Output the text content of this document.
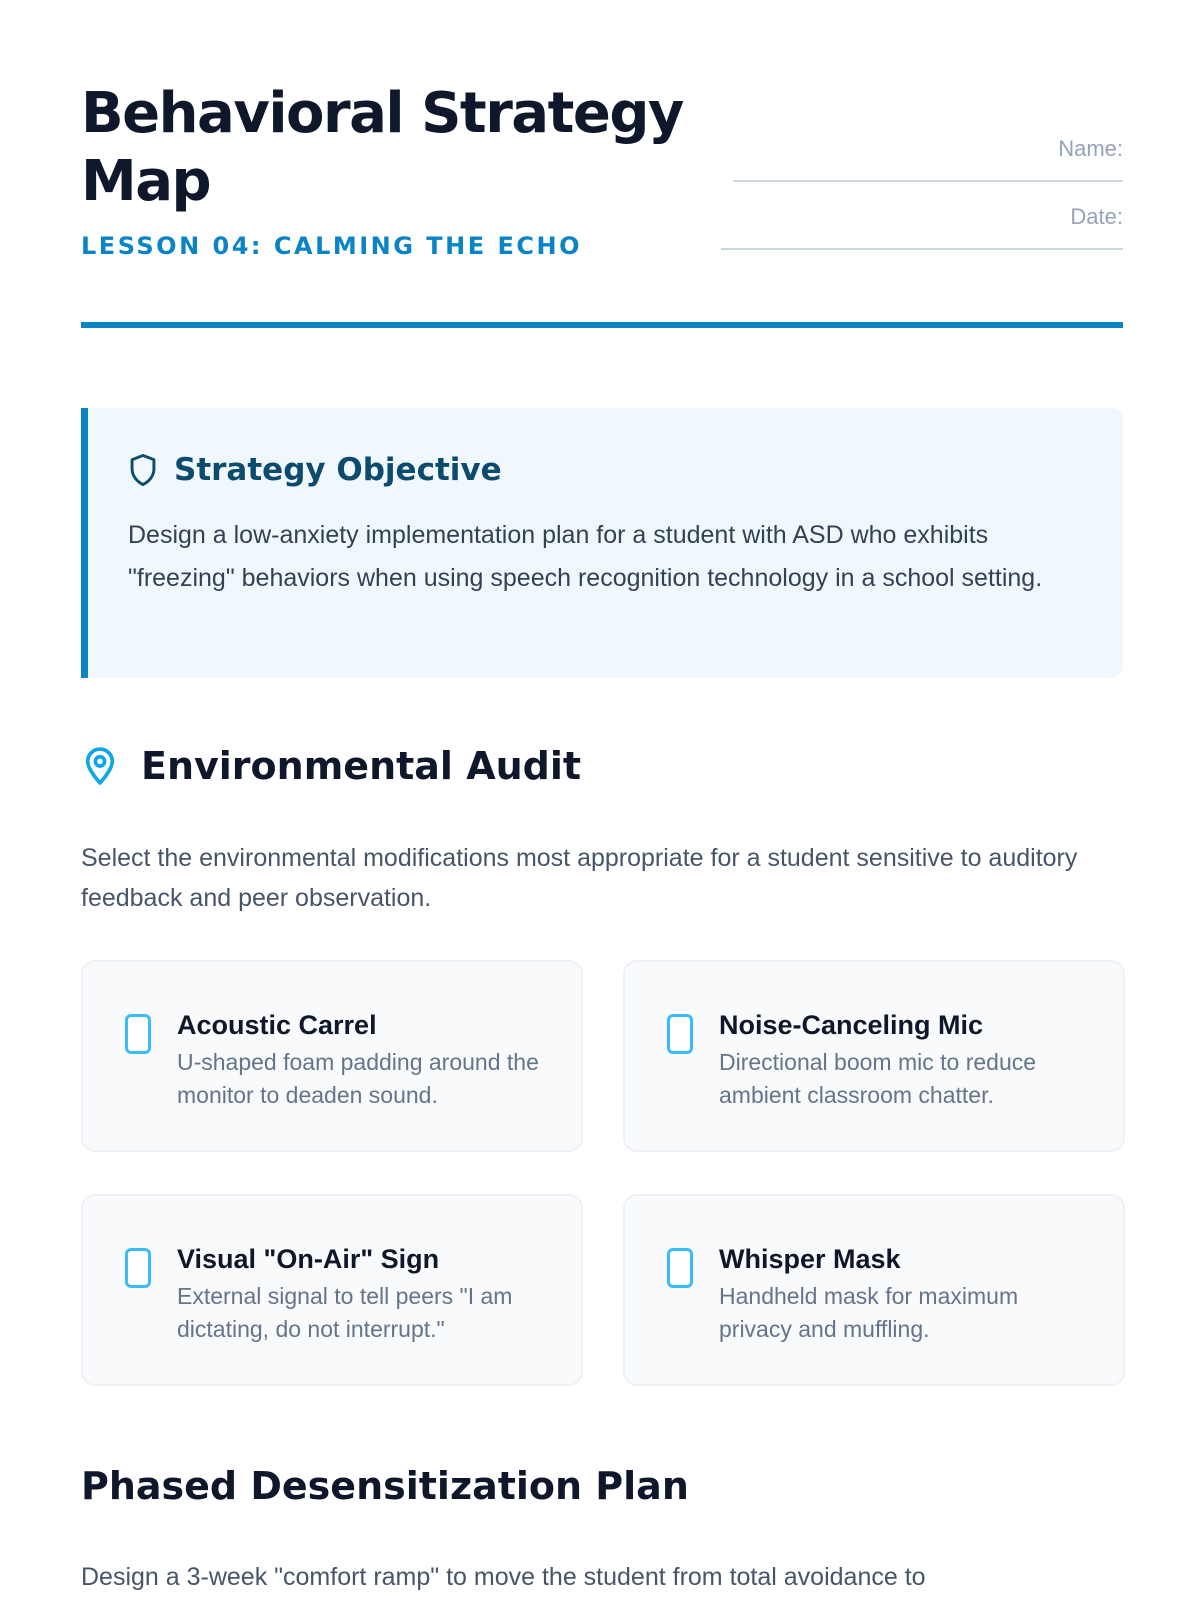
Behavioral Strategy Map
LESSON 04: CALMING THE ECHO
Name:
Date:
Strategy Objective
Design a low-anxiety implementation plan for a student with ASD who exhibits "freezing" behaviors when using speech recognition technology in a school setting.
Environmental Audit

Select the environmental modifications most appropriate for a student sensitive to auditory feedback and peer observation.

Acoustic Carrel
U-shaped foam padding around the monitor to deaden sound.
Noise-Canceling Mic
Directional boom mic to reduce ambient classroom chatter.
Visual "On-Air" Sign
External signal to tell peers "I am dictating, do not interrupt."
Whisper Mask
Handheld mask for maximum privacy and muffling.
Phased Desensitization Plan

Design a 3-week "comfort ramp" to move the student from total avoidance to
